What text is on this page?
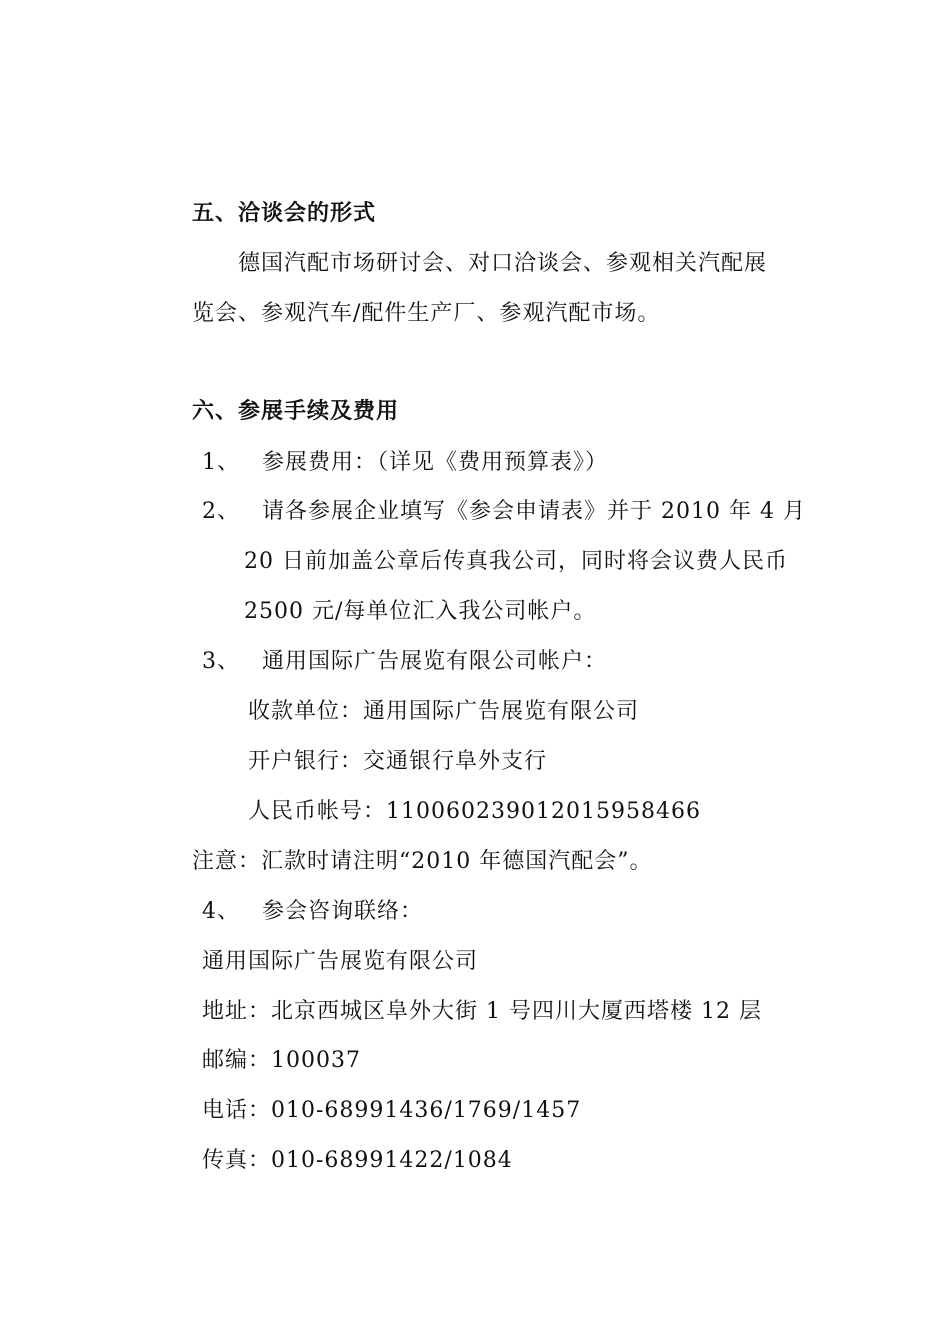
五、洽谈会的形式
德国汽配市场研讨会、对口洽谈会、参观相关汽配展
览会、参观汽车/配件生产厂、参观汽配市场。
六、参展手续及费用
1、 参展费用：（详见《费用预算表》）
2、 请各参展企业填写《参会申请表》并于 2010 年 4 月
20 日前加盖公章后传真我公司，同时将会议费人民币
2500 元/每单位汇入我公司帐户。
3、 通用国际广告展览有限公司帐户：
收款单位：通用国际广告展览有限公司
开户银行：交通银行阜外支行
人民币帐号：110060239012015958466
注意：汇款时请注明“2010 年德国汽配会”。
4、 参会咨询联络：
通用国际广告展览有限公司
地址：北京西城区阜外大街 1 号四川大厦西塔楼 12 层
邮编：100037
电话：010-68991436/1769/1457
传真：010-68991422/1084
